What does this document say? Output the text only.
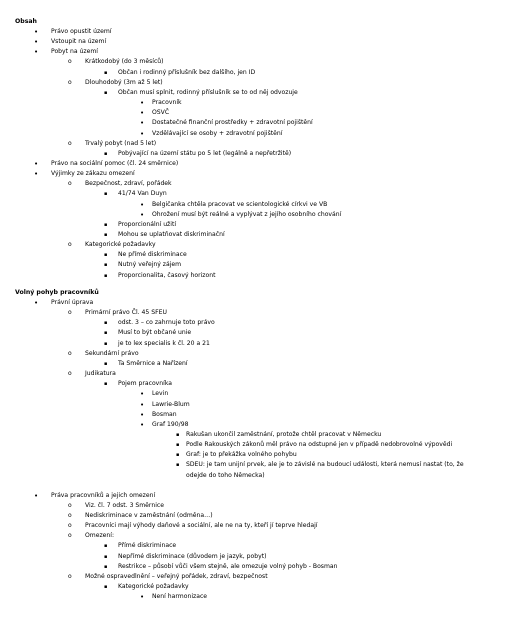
Obsah
•	Právo opustit území
•	Vstoupit na území
•	Pobyt na území
o	Krátkodobý (do 3 měsíců)
▪	Občan i rodinný příslušník bez dalšího, jen ID
o	Dlouhodobý (3m až 5 let)
▪	Občan musí splnit, rodinný příslušník se to od něj odvozuje
•	Pracovník
•	OSVČ
•	Dostatečné finanční prostředky + zdravotní pojištění
•	Vzdělávající se osoby + zdravotní pojištění
o	Trvalý pobyt (nad 5 let)
▪	Pobývající na území státu po 5 let (legálně a nepřetržitě)
•	Právo na sociální pomoc (čl. 24 směrnice)
•	Výjimky ze zákazu omezení
o	Bezpečnost, zdraví, pořádek
▪	41/74 Van Duyn
•	Belgičanka chtěla pracovat ve scientologické církvi ve VB
•	Ohrožení musí být reálné a vyplývat z jejího osobního chování
▪	Proporcionální užití
▪	Mohou se uplatňovat diskriminační
o	Kategorické požadavky
▪	Ne přímé diskriminace
▪	Nutný veřejný zájem
▪	Proporcionalita, časový horizont
Volný pohyb pracovníků
•	Právní úprava
o	Primární právo Čl. 45 SFEU
▪	odst. 3 – co zahrnuje toto právo
▪	Musí to být občané unie
▪	je to lex specialis k čl. 20 a 21
o	Sekundární právo
▪	Ta Směrnice a Nařízení
o	Judikatura
▪	Pojem pracovníka
•	Levin
•	Lawrie-Blum
•	Bosman
•	Graf 190/98
▪	Rakušan ukončil zaměstnání, protože chtěl pracovat v Německu
▪	Podle Rakouských zákonů měl právo na odstupné jen v případě nedobrovolné výpovědi
▪	Graf: je to překážka volného pohybu
▪	SDEU: je tam unijní prvek, ale je to závislé na budoucí události, která nemusí nastat (to, že
odejde do toho Německa)
•	Práva pracovníků a jejich omezení
o	Viz. čl. 7 odst. 3 Směrnice
o	Nediskriminace v zaměstnání (odměna…)
o	Pracovníci mají výhody daňové a sociální, ale ne na ty, kteří jí teprve hledají
o	Omezení:
▪	Přímé diskriminace
▪	Nepřímé diskriminace (důvodem je jazyk, pobyt)
▪	Restrikce – působí vůči všem stejně, ale omezuje volný pohyb - Bosman
o	Možné ospravedlnění – veřejný pořádek, zdraví, bezpečnost
▪	Kategorické požadavky
•	Není harmonizace
